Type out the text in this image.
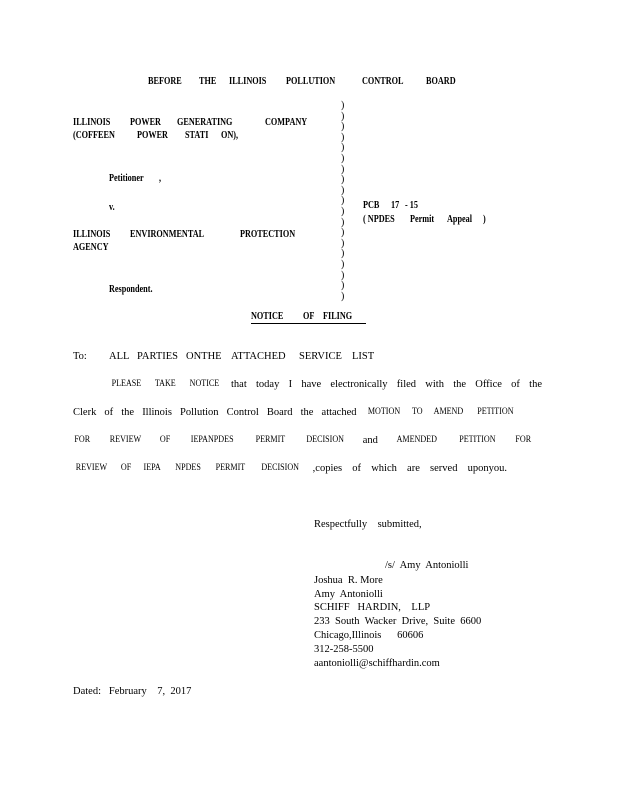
BEFORE THE ILLINOIS POLLUTION	CONTROL BOARD
ILLINOIS POWER GENERATING	COMPANY
(COFFEEN POWER STATI ON),
Petitioner ,
v.
ILLINOIS ENVIRONMENTAL	PROTECTION
AGENCY
Respondent.
)
)
)
)
)
)
)
)
)
)
)
)
)
)
)
)
)
)
)
PCB 17 - 15
( NPDES Permit Appeal )
NOTICE OF FILING
To: ALL PARTIES ONTHE ATTACHED SERVICE LIST
PLEASE TAKE NOTICE that today I have electronically filed with the Office of the
Clerk of the Illinois Pollution Control Board the attached MOTION TO AMEND PETITION
FOR REVIEW OF IEPANPDES PERMIT DECISION and AMENDED PETITION FOR
REVIEW OF IEPA NPDES PERMIT DECISION ,copies of which are served uponyou.
Respectfully    submitted,
/s/  Amy  Antoniolli
Joshua  R. More
Amy  Antoniolli
SCHIFF   HARDIN,    LLP
233  South  Wacker  Drive,  Suite  6600
Chicago,Illinois      60606
312-258-5500
aantoniolli@schiffhardin.com
Dated:   February    7,  2017
